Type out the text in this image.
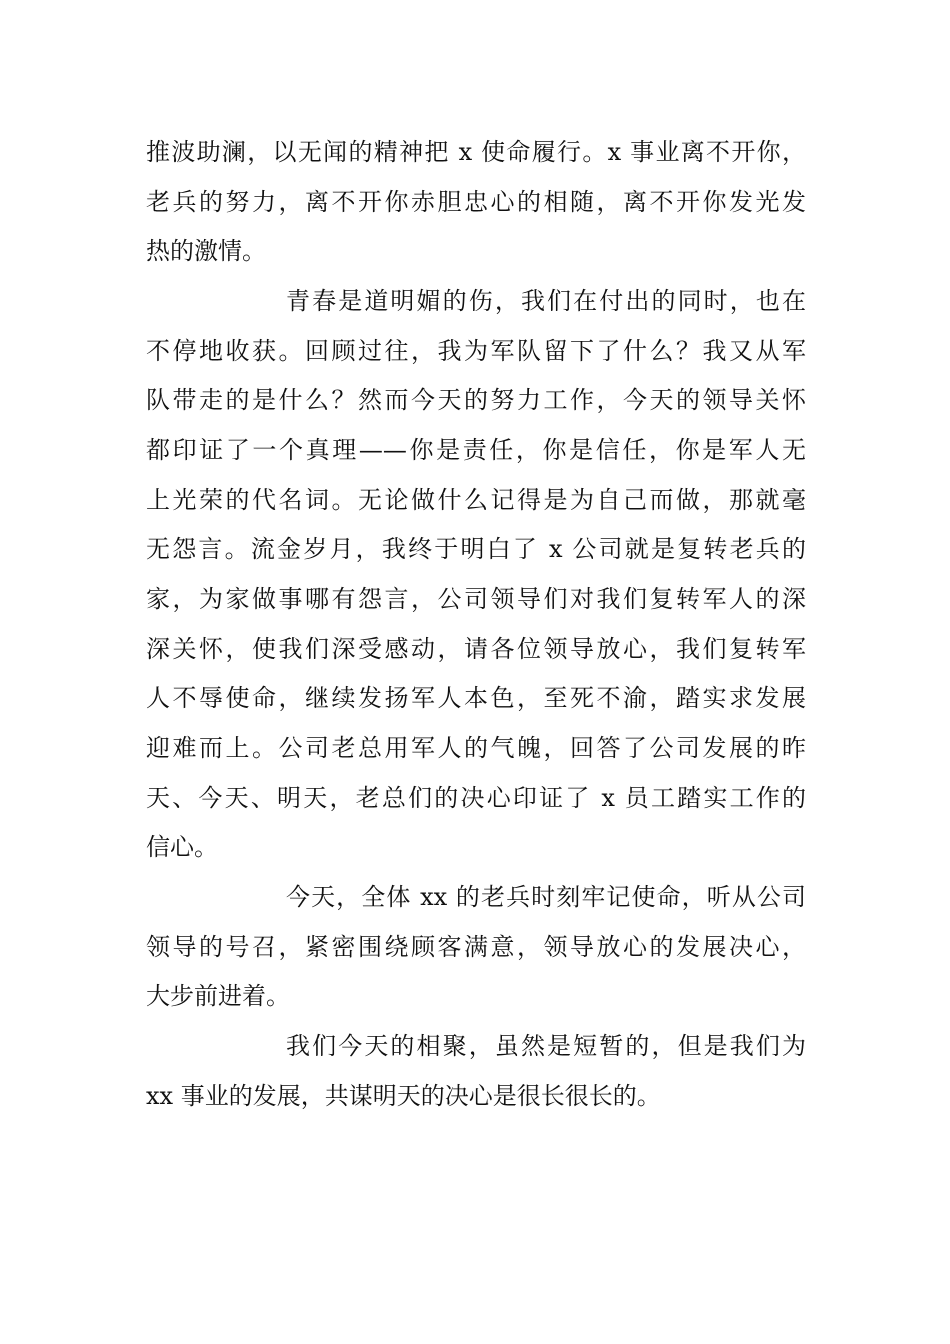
推波助澜，以无闻的精神把 x 使命履行。x 事业离不开你，
老兵的努力，离不开你赤胆忠心的相随，离不开你发光发
热的激情。
青春是道明媚的伤，我们在付出的同时，也在
不停地收获。回顾过往，我为军队留下了什么？我又从军
队带走的是什么？然而今天的努力工作，今天的领导关怀
都印证了一个真理——你是责任，你是信任，你是军人无
上光荣的代名词。无论做什么记得是为自己而做，那就毫
无怨言。流金岁月，我终于明白了 x 公司就是复转老兵的
家，为家做事哪有怨言，公司领导们对我们复转军人的深
深关怀，使我们深受感动，请各位领导放心，我们复转军
人不辱使命，继续发扬军人本色，至死不渝，踏实求发展
迎难而上。公司老总用军人的气魄，回答了公司发展的昨
天、今天、明天，老总们的决心印证了 x 员工踏实工作的
信心。
今天，全体 xx 的老兵时刻牢记使命，听从公司
领导的号召，紧密围绕顾客满意，领导放心的发展决心，
大步前进着。
我们今天的相聚，虽然是短暂的，但是我们为
xx 事业的发展，共谋明天的决心是很长很长的。
